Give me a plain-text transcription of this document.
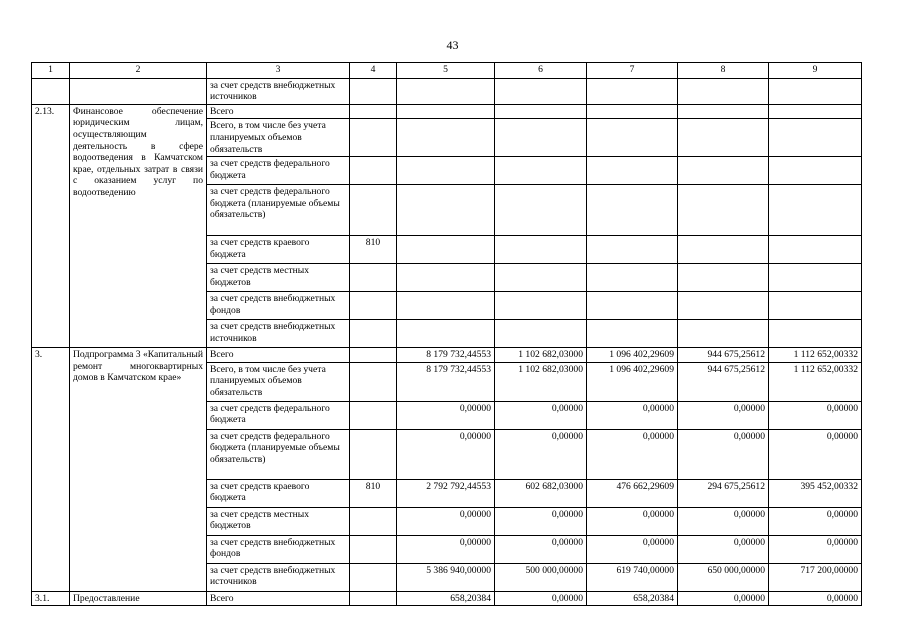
43
1	2	3	4	5	6	7	8	9
		за счет средств внебюджетных источников						
2.13.	Финансовое обеспечение юридическим лицам, осуществляющим деятельность в сфере водоотведения в Камчатском крае, отдельных затрат в связи с оказанием услуг по водоотведению	Всего						
		Всего, в том числе без учета планируемых объемов обязательств						
		за счет средств федерального бюджета						
		за счет средств федерального бюджета (планируемые объемы обязательств)						
		за счет средств краевого бюджета	810					
		за счет средств местных бюджетов						
		за счет средств внебюджетных фондов						
		за счет средств внебюджетных источников						
3.	Подпрограмма 3 «Капитальный ремонт многоквартирных домов в Камчатском крае»	Всего		8 179 732,44553	1 102 682,03000	1 096 402,29609	944 675,25612	1 112 652,00332
		Всего, в том числе без учета планируемых объемов обязательств		8 179 732,44553	1 102 682,03000	1 096 402,29609	944 675,25612	1 112 652,00332
		за счет средств федерального бюджета		0,00000	0,00000	0,00000	0,00000	0,00000
		за счет средств федерального бюджета (планируемые объемы обязательств)		0,00000	0,00000	0,00000	0,00000	0,00000
		за счет средств краевого бюджета	810	2 792 792,44553	602 682,03000	476 662,29609	294 675,25612	395 452,00332
		за счет средств местных бюджетов		0,00000	0,00000	0,00000	0,00000	0,00000
		за счет средств внебюджетных фондов		0,00000	0,00000	0,00000	0,00000	0,00000
		за счет средств внебюджетных источников		5 386 940,00000	500 000,00000	619 740,00000	650 000,00000	717 200,00000
3.1.	Предоставление	Всего		658,20384	0,00000	658,20384	0,00000	0,00000
